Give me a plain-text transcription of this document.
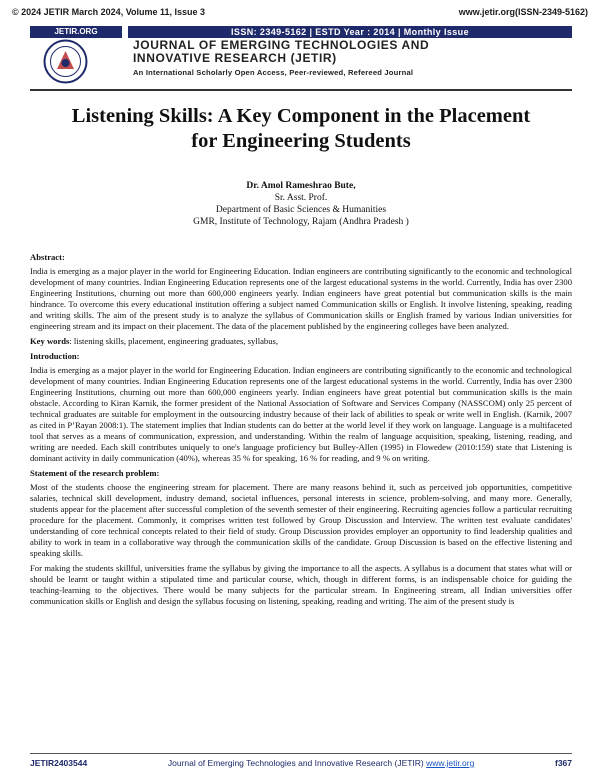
© 2024 JETIR March 2024, Volume 11, Issue 3	www.jetir.org(ISSN-2349-5162)
JETIR.ORG	ISSN: 2349-5162 | ESTD Year : 2014 | Monthly Issue
JOURNAL OF EMERGING TECHNOLOGIES AND
INNOVATIVE RESEARCH (JETIR)
An International Scholarly Open Access, Peer-reviewed, Refereed Journal
Listening Skills: A Key Component in the Placement
for Engineering Students
Dr. Amol Rameshrao Bute,
Sr. Asst. Prof.
Department of Basic Sciences & Humanities
GMR, Institute of Technology, Rajam (Andhra Pradesh )

Abstract:

India is emerging as a major player in the world for Engineering Education. Indian engineers are contributing significantly to the economic and technological development of many countries. Indian Engineering Education represents one of the largest educational systems in the world. Currently, India has over 2300 Engineering Institutions, churning out more than 600,000 engineers yearly. Indian engineers have great potential but communication skills is the main hindrance. To overcome this every educational institution offering a subject named Communication skills or English. It involve listening, speaking, reading and writing skills. The aim of the present study is to analyze the syllabus of Communication skills or English framed by various Indian universities for engineering stream and its impact on their placement. The data of the placement published by the engineering colleges have been analyzed.

Key words: listening skills, placement, engineering graduates, syllabus,

Introduction:

India is emerging as a major player in the world for Engineering Education. Indian engineers are contributing significantly to the economic and technological development of many countries. Indian Engineering Education represents one of the largest educational systems in the world. Currently, India has over 2300 Engineering Institutions, churning out more than 600,000 engineers yearly. Indian engineers have great potential but communication skills is the main obstacle. According to Kiran Karnik, the former president of the National Association of Software and Services Company (NASSCOM) only 25 percent of technical graduates are suitable for employment in the outsourcing industry because of their lack of abilities to speak or write well in English. (Karnik, 2007 as cited in P’Rayan 2008:1). The statement implies that Indian students can do better at the world level if they work on language. Language is a multifaceted tool that serves as a means of communication, expression, and understanding. Within the realm of language acquisition, speaking, listening, reading, and writing are needed. Each skill contributes uniquely to one's language proficiency but Bulley-Allen (1995) in Flowedew (2010:159) state that Listening is dominant activity in daily communication (40%), whereas 35 % for speaking, 16 % for reading, and 9 % on writing.

Statement of the research problem:

Most of the students choose the engineering stream for placement. There are many reasons behind it, such as perceived job opportunities, competitive salaries, technical skill development, industry demand, societal influences, personal interests in science, problem-solving, and many more. Generally, students appear for the placement after successful completion of the seventh semester of their engineering. Recruiting agencies follow a particular recruiting procedure for the placement. Commonly, it comprises written test followed by Group Discussion and Interview. The written test evaluate candidates' understanding of core technical concepts related to their field of study. Group Discussion provides employer an opportunity to find leadership qualities and ability to work in team in a collaborative way through the communication skills of the candidate. Group Discussion is based on the effective listening and speaking skills.

For making the students skillful, universities frame the syllabus by giving the importance to all the aspects. A syllabus is a document that states what will or should be learnt or taught within a stipulated time and particular course, which, though in different forms, is an indispensable choice for guiding the teaching-learning to the objectives. There would be many subjects for the particular stream. In Engineering stream, all Indian universities offer communication skills or English and design the syllabus focusing on listening, speaking, reading and writing. The aim of the present study is

JETIR2403544	Journal of Emerging Technologies and Innovative Research (JETIR) www.jetir.org	f367
